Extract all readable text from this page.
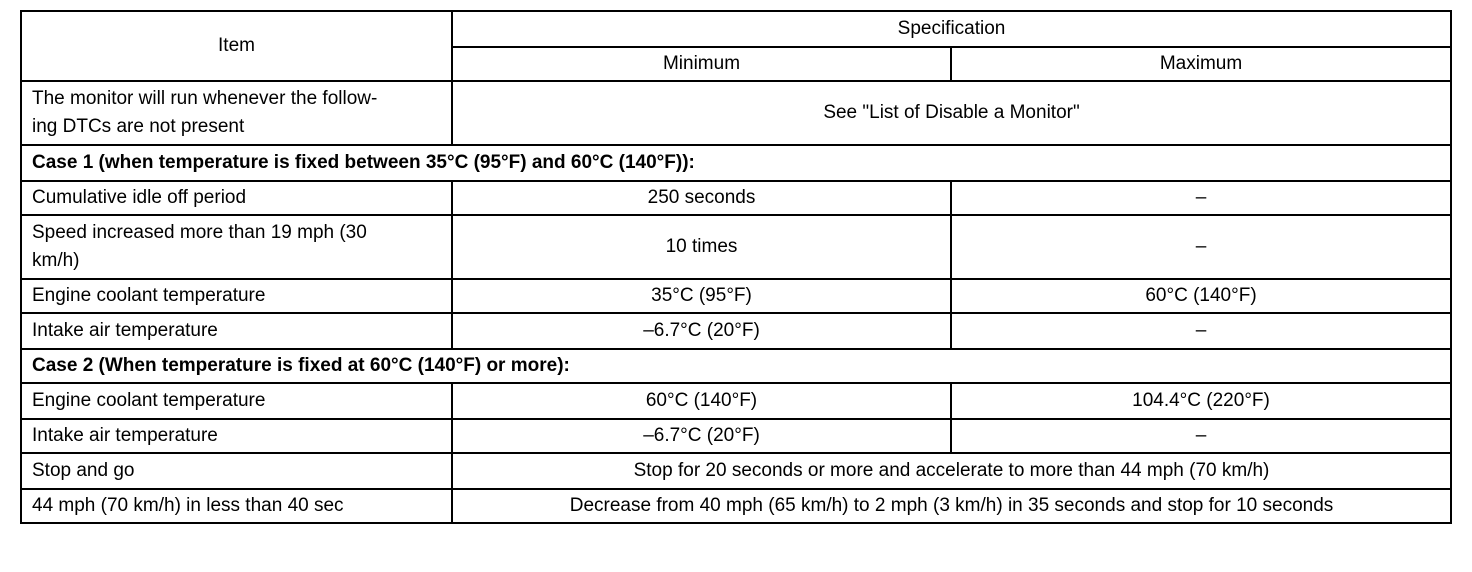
Item	Specification	
	Minimum	Maximum
The monitor will run whenever the follow-
ing DTCs are not present	See "List of Disable a Monitor"	
Case 1 (when temperature is fixed between 35°C (95°F) and 60°C (140°F)):		
Cumulative idle off period	250 seconds	–
Speed increased more than 19 mph (30
km/h)	10 times	–
Engine coolant temperature	35°C (95°F)	60°C (140°F)
Intake air temperature	–6.7°C (20°F)	–
Case 2 (When temperature is fixed at 60°C (140°F) or more):		
Engine coolant temperature	60°C (140°F)	104.4°C (220°F)
Intake air temperature	–6.7°C (20°F)	–
Stop and go	Stop for 20 seconds or more and accelerate to more than 44 mph (70 km/h)	
44 mph (70 km/h) in less than 40 sec	Decrease from 40 mph (65 km/h) to 2 mph (3 km/h) in 35 seconds and stop for 10 seconds	
